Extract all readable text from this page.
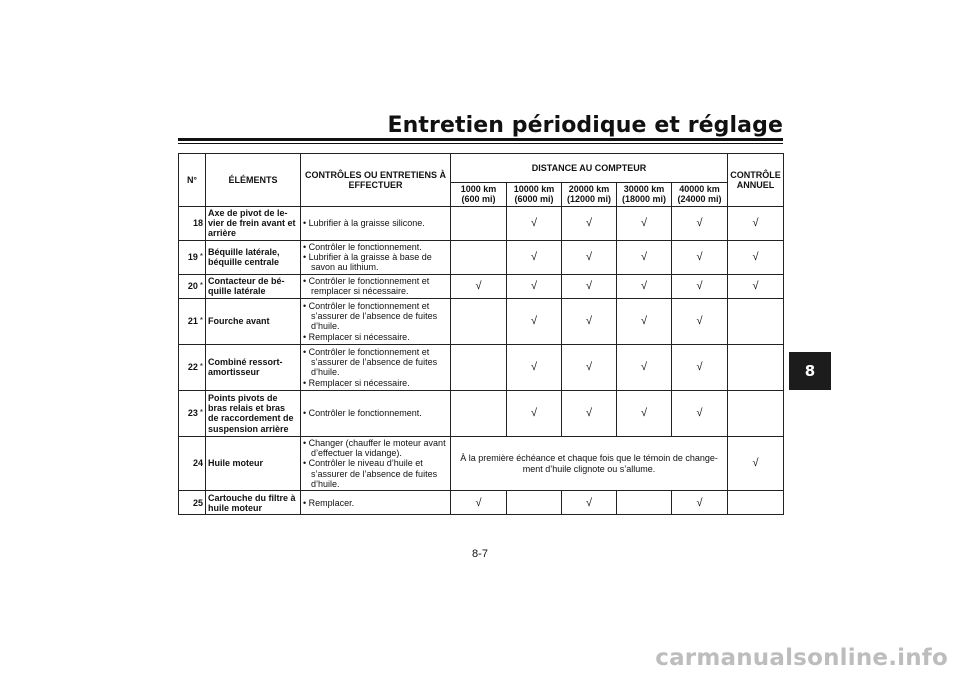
Entretien périodique et réglage
N°	ÉLÉMENTS	CONTRÔLES OU ENTRETIENS À EFFECTUER	DISTANCE AU COMPTEUR					CONTRÔLE ANNUEL
			1000 km (600 mi)	10000 km (6000 mi)	20000 km (12000 mi)	30000 km (18000 mi)	40000 km (24000 mi)	
18	Axe de pivot de le-vier de frein avant et arrière	• Lubrifier à la graisse silicone.		√	√	√	√	√
19 *	Béquille latérale, béquille centrale	• Contrôler le fonctionnement.
• Lubrifier à la graisse à base de savon au lithium.		√	√	√	√	√
20 *	Contacteur de bé-quille latérale	• Contrôler le fonctionnement et remplacer si nécessaire.	√	√	√	√	√	√
21 *	Fourche avant	• Contrôler le fonctionnement et s’assurer de l’absence de fuites d’huile.
• Remplacer si nécessaire.		√	√	√	√	
22 *	Combiné ressort-amortisseur	• Contrôler le fonctionnement et s’assurer de l’absence de fuites d’huile.
• Remplacer si nécessaire.		√	√	√	√	
23 *	Points pivots de bras relais et bras de raccordement de suspension arrière	• Contrôler le fonctionnement.		√	√	√	√	
24	Huile moteur	• Changer (chauffer le moteur avant d’effectuer la vidange).
• Contrôler le niveau d’huile et s’assurer de l’absence de fuites d’huile.	À la première échéance et chaque fois que le témoin de change-ment d’huile clignote ou s’allume.					√
25	Cartouche du filtre à huile moteur	• Remplacer.	√		√		√	
8
8-7
carmanualsonline.info
